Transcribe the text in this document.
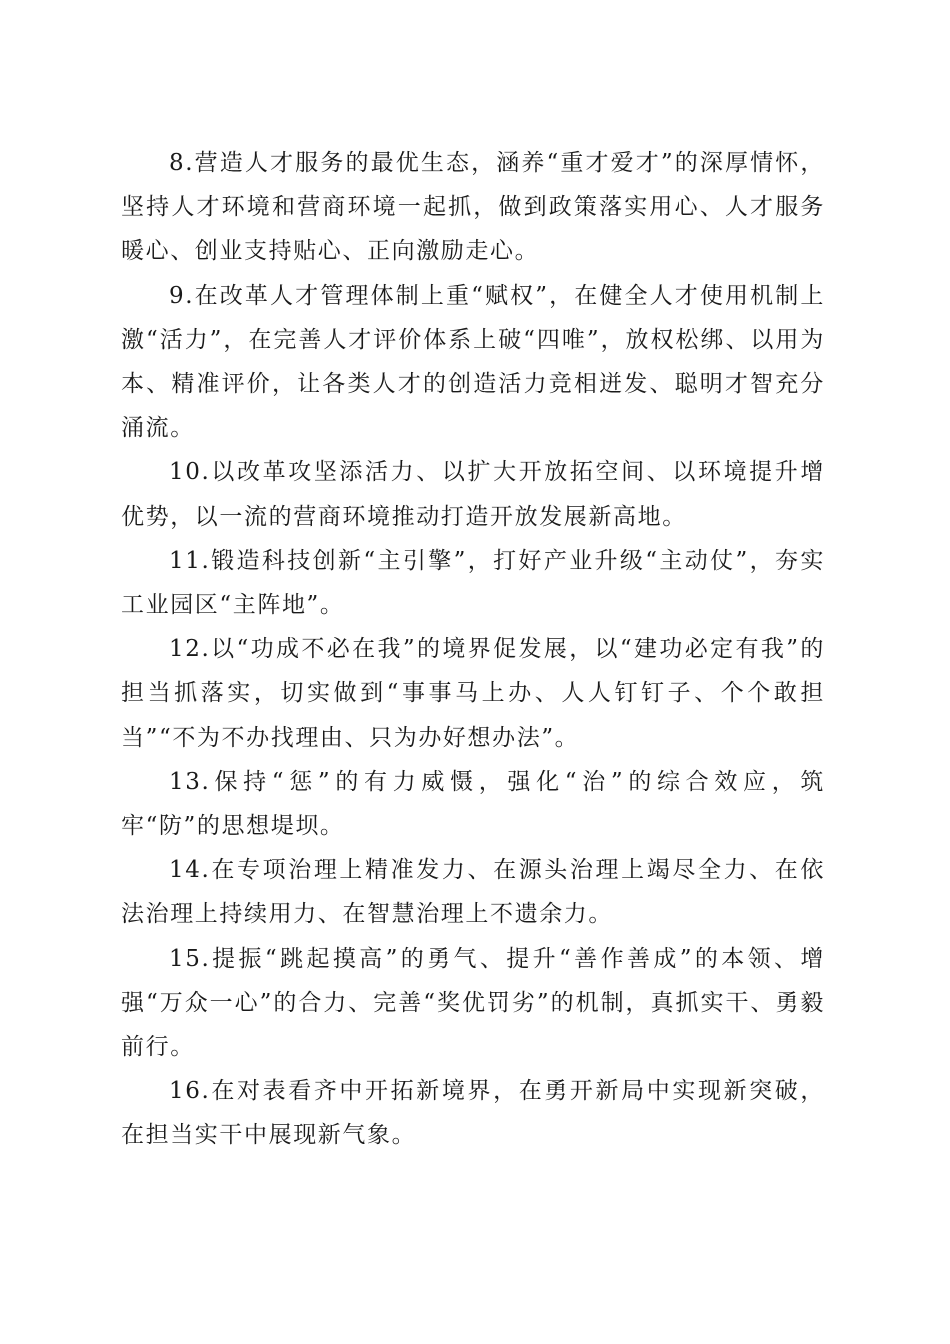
8.营造人才服务的最优生态，涵养“重才爱才”的深厚情怀，坚持人才环境和营商环境一起抓，做到政策落实用心、人才服务暖心、创业支持贴心、正向激励走心。

9.在改革人才管理体制上重“赋权”，在健全人才使用机制上激“活力”，在完善人才评价体系上破“四唯”，放权松绑、以用为本、精准评价，让各类人才的创造活力竞相迸发、聪明才智充分涌流。

10.以改革攻坚添活力、以扩大开放拓空间、以环境提升增优势，以一流的营商环境推动打造开放发展新高地。

11.锻造科技创新“主引擎”，打好产业升级“主动仗”，夯实工业园区“主阵地”。

12.以“功成不必在我”的境界促发展，以“建功必定有我”的担当抓落实，切实做到“事事马上办、人人钉钉子、个个敢担当”“不为不办找理由、只为办好想办法”。

13.保持“惩”的有力威慑，强化“治”的综合效应，筑牢“防”的思想堤坝。

14.在专项治理上精准发力、在源头治理上竭尽全力、在依法治理上持续用力、在智慧治理上不遗余力。

15.提振“跳起摸高”的勇气、提升“善作善成”的本领、增强“万众一心”的合力、完善“奖优罚劣”的机制，真抓实干、勇毅前行。

16.在对表看齐中开拓新境界，在勇开新局中实现新突破，在担当实干中展现新气象。
